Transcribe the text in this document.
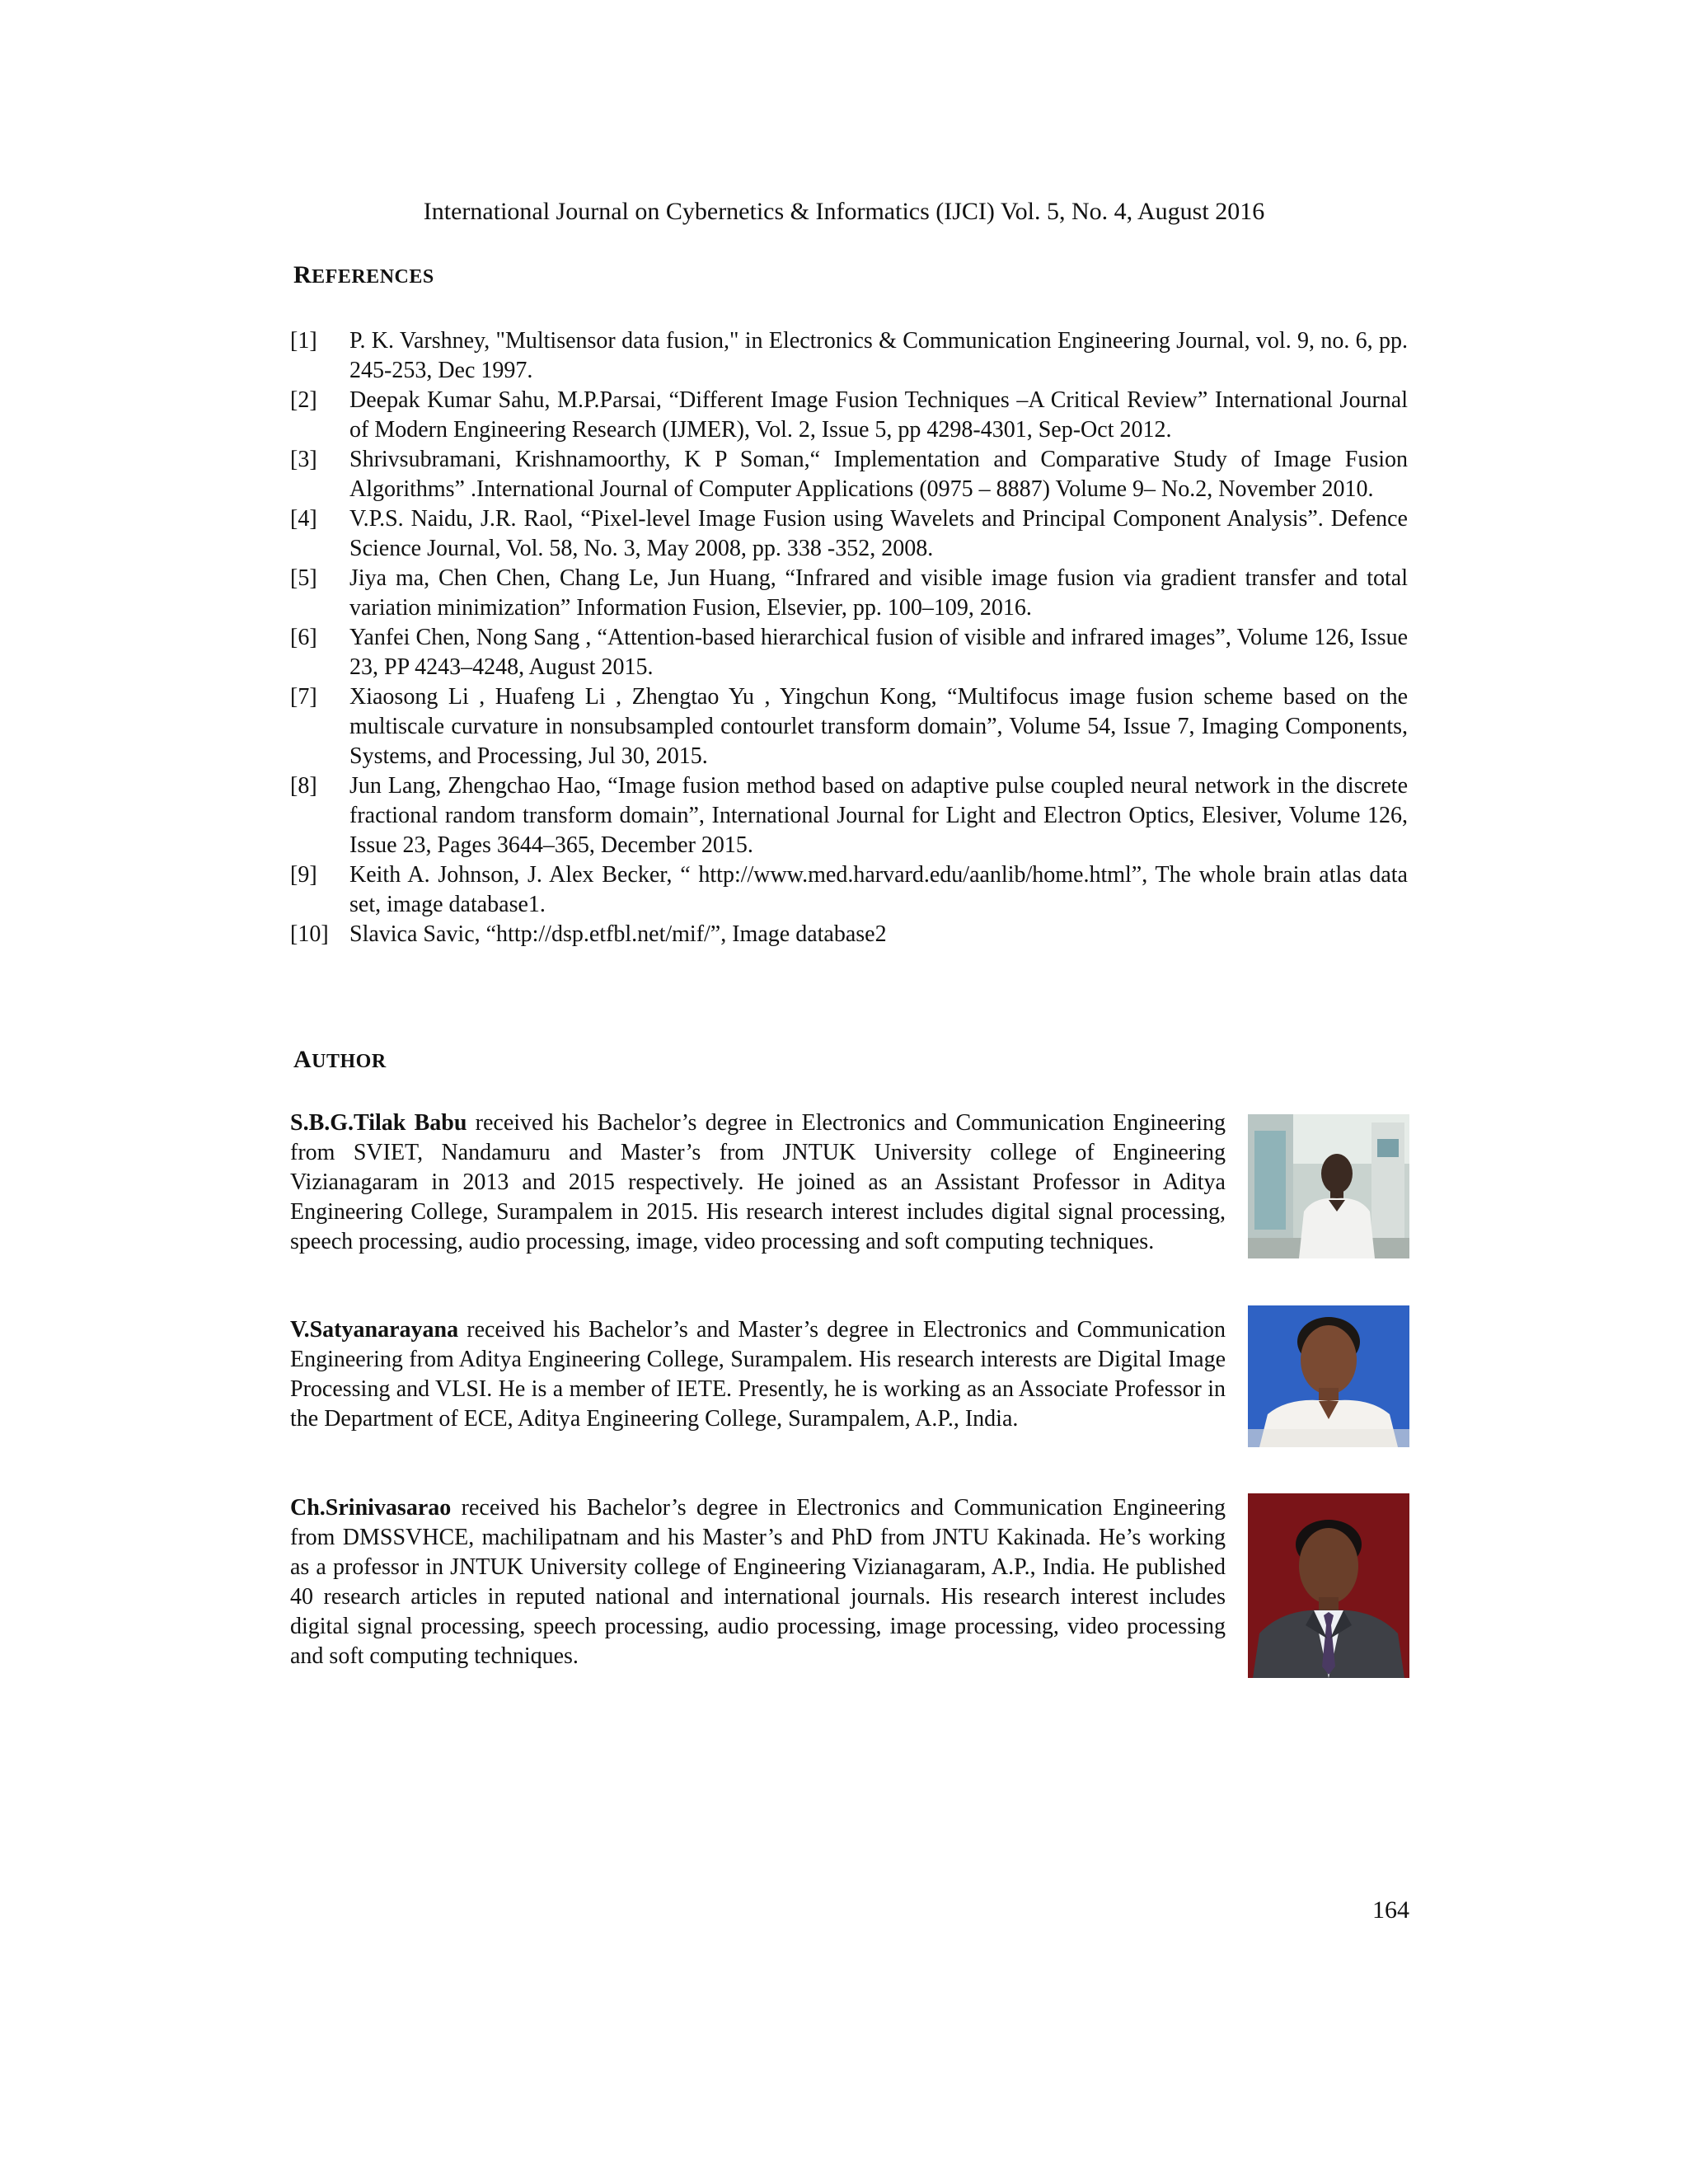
International Journal on Cybernetics & Informatics (IJCI) Vol. 5, No. 4, August 2016
REFERENCES
[1] P. K. Varshney, "Multisensor data fusion," in Electronics & Communication Engineering Journal, vol. 9, no. 6, pp. 245-253, Dec 1997.
[2] Deepak Kumar Sahu, M.P.Parsai, “Different Image Fusion Techniques –A Critical Review” International Journal of Modern Engineering Research (IJMER), Vol. 2, Issue 5, pp 4298-4301, Sep-Oct 2012.
[3] Shrivsubramani, Krishnamoorthy, K P Soman,“ Implementation and Comparative Study of Image Fusion Algorithms” .International Journal of Computer Applications (0975 – 8887) Volume 9– No.2, November 2010.
[4] V.P.S. Naidu, J.R. Raol, “Pixel-level Image Fusion using Wavelets and Principal Component Analysis”. Defence Science Journal, Vol. 58, No. 3, May 2008, pp. 338 -352, 2008.
[5] Jiya ma, Chen Chen, Chang Le, Jun Huang, “Infrared and visible image fusion via gradient transfer and total variation minimization” Information Fusion, Elsevier, pp. 100–109, 2016.
[6] Yanfei Chen, Nong Sang , “Attention-based hierarchical fusion of visible and infrared images”, Volume 126, Issue 23, PP 4243–4248, August 2015.
[7] Xiaosong Li , Huafeng Li , Zhengtao Yu , Yingchun Kong, “Multifocus image fusion scheme based on the multiscale curvature in nonsubsampled contourlet transform domain”, Volume 54, Issue 7, Imaging Components, Systems, and Processing, Jul 30, 2015.
[8] Jun Lang, Zhengchao Hao, “Image fusion method based on adaptive pulse coupled neural network in the discrete fractional random transform domain”, International Journal for Light and Electron Optics, Elesiver, Volume 126, Issue 23, Pages 3644–365, December 2015.
[9] Keith A. Johnson, J. Alex Becker, “ http://www.med.harvard.edu/aanlib/home.html”, The whole brain atlas data set, image database1.
[10] Slavica Savic, “http://dsp.etfbl.net/mif/”, Image database2
AUTHOR

S.B.G.Tilak Babu received his Bachelor’s degree in Electronics and Communication Engineering from SVIET, Nandamuru and Master’s from JNTUK University college of Engineering Vizianagaram in 2013 and 2015 respectively. He joined as an Assistant Professor in Aditya Engineering College, Surampalem in 2015. His research interest includes digital signal processing, speech processing, audio processing, image, video processing and soft computing techniques.

V.Satyanarayana received his Bachelor’s and Master’s degree in Electronics and Communication Engineering from Aditya Engineering College, Surampalem. His research interests are Digital Image Processing and VLSI. He is a member of IETE. Presently, he is working as an Associate Professor in the Department of ECE, Aditya Engineering College, Surampalem, A.P., India.

Ch.Srinivasarao received his Bachelor’s degree in Electronics and Communication Engineering from DMSSVHCE, machilipatnam and his Master’s and PhD from JNTU Kakinada. He’s working as a professor in JNTUK University college of Engineering Vizianagaram, A.P., India. He published 40 research articles in reputed national and international journals. His research interest includes digital signal processing, speech processing, audio processing, image processing, video processing and soft computing techniques.

164
